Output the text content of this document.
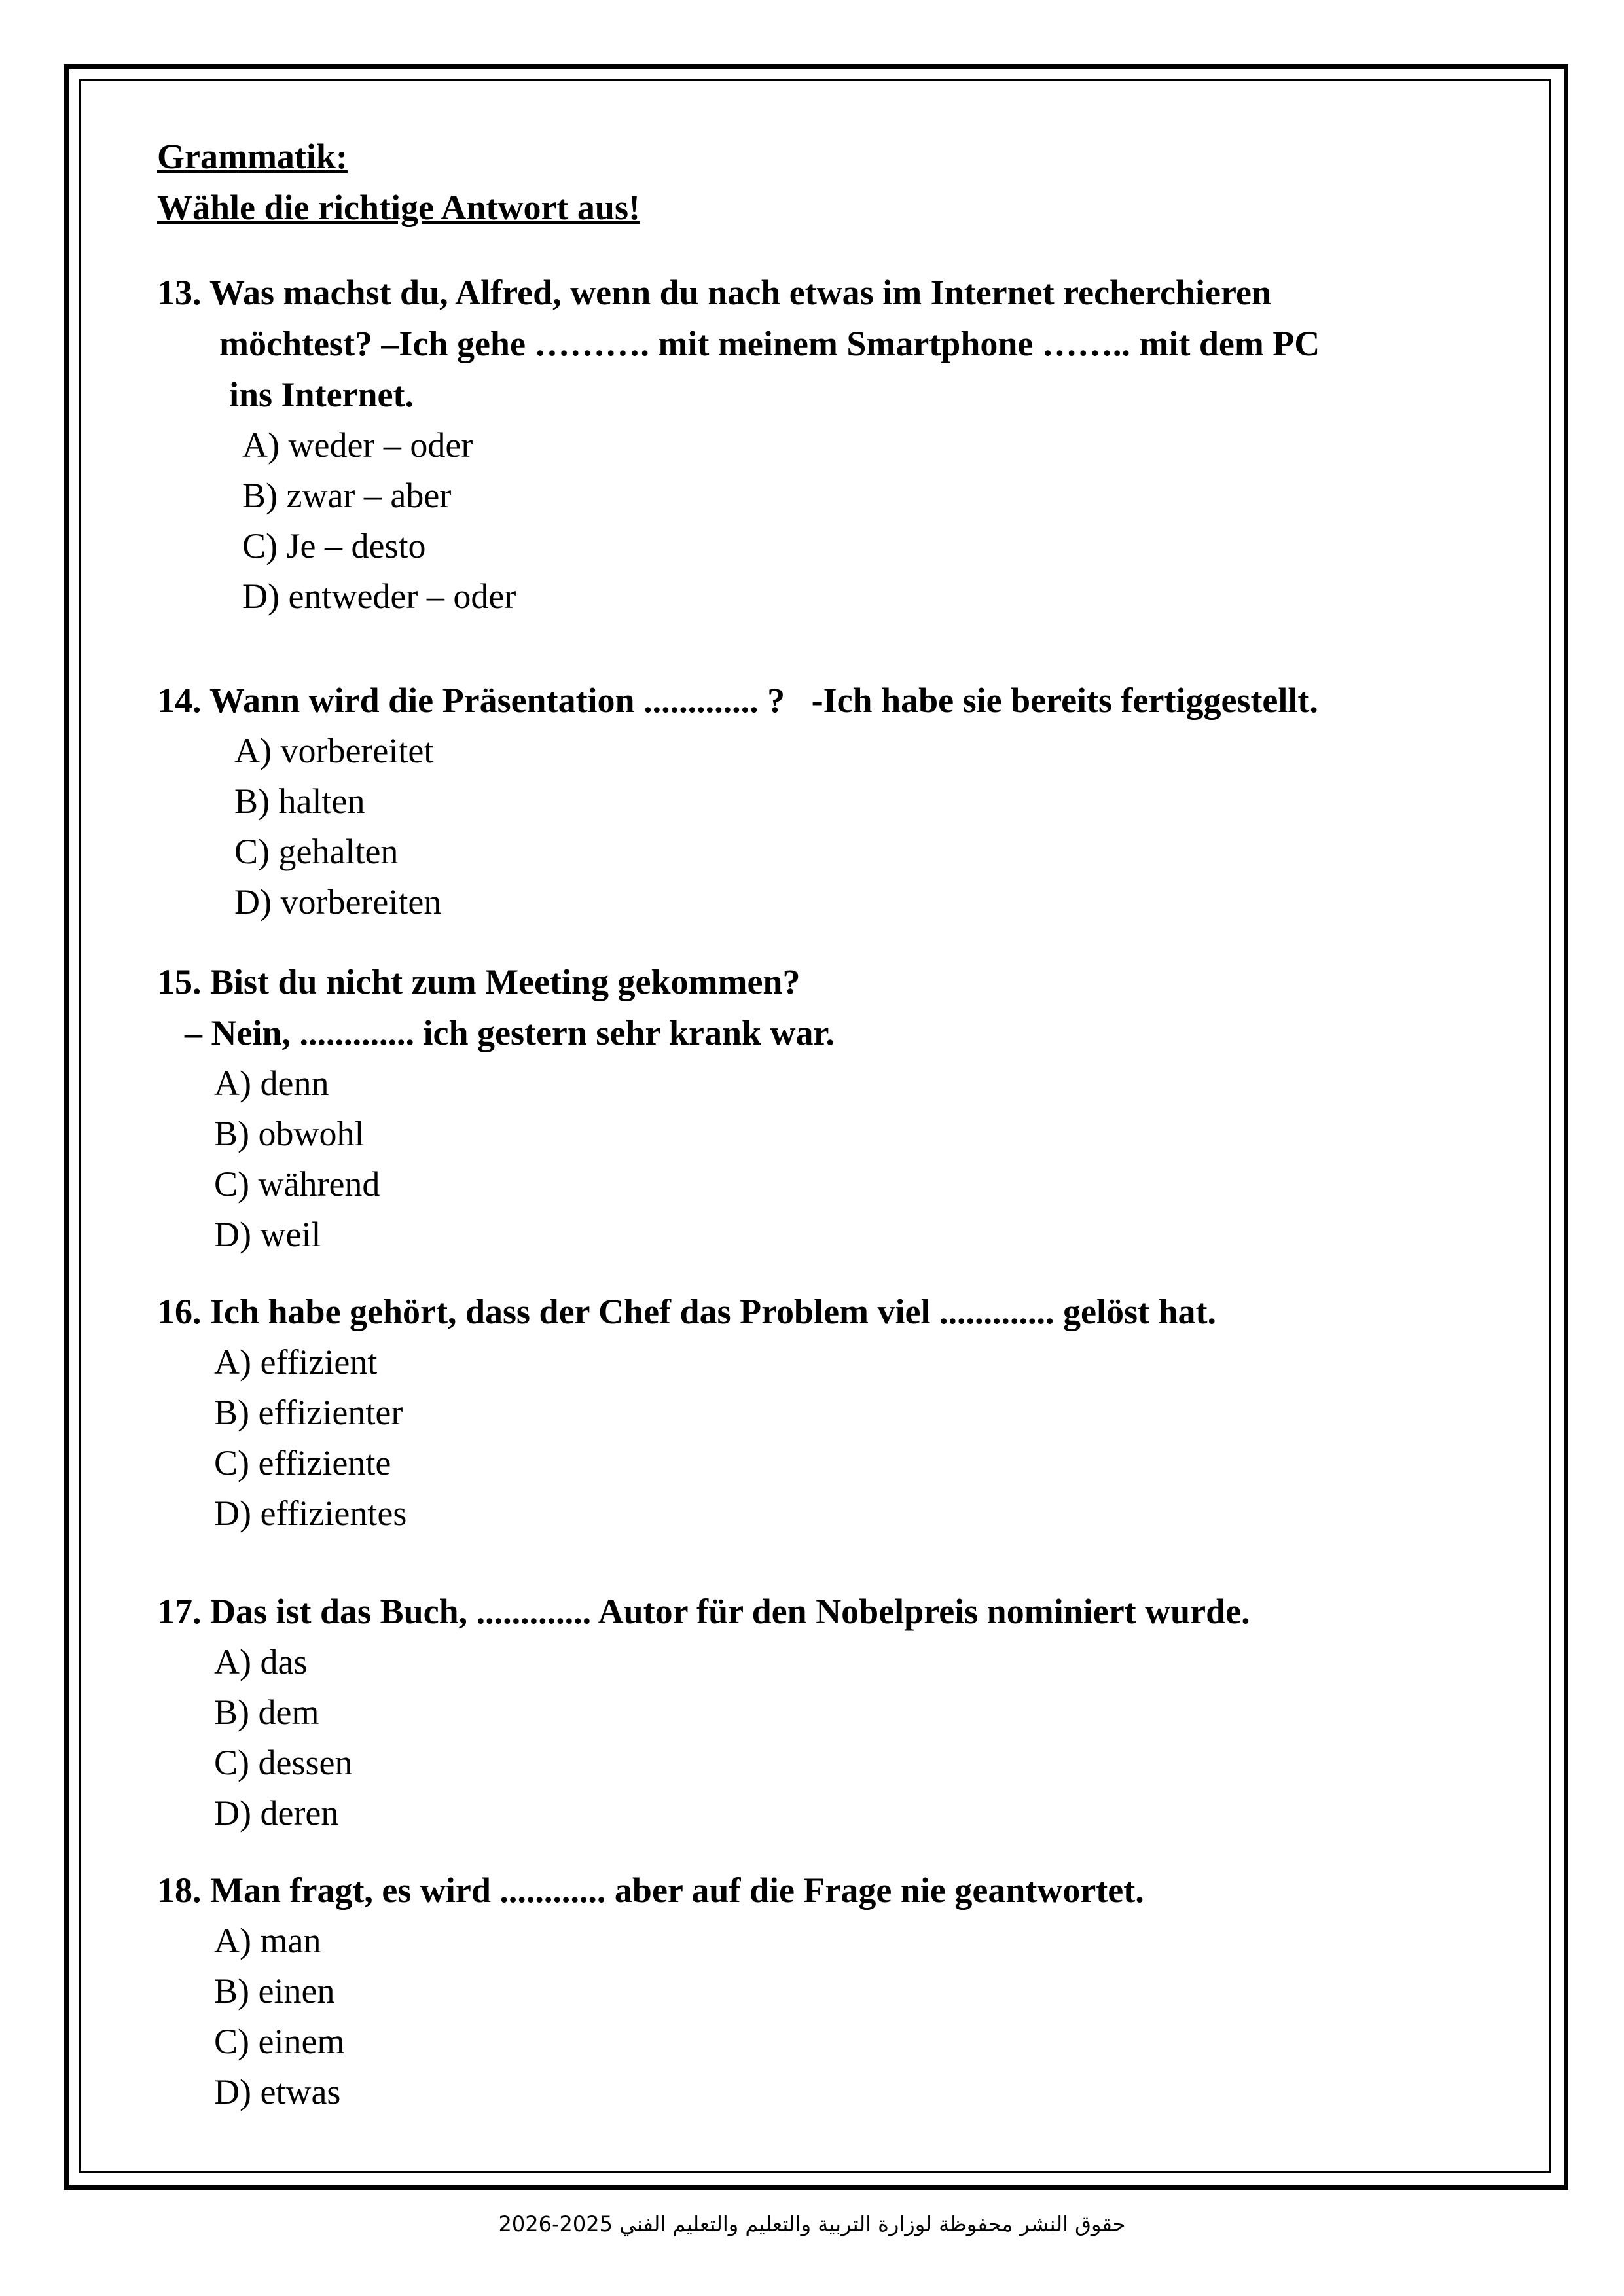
Grammatik:
Wähle die richtige Antwort aus!
13. Was machst du, Alfred, wenn du nach etwas im Internet recherchieren
möchtest? –Ich gehe ………. mit meinem Smartphone …….. mit dem PC
ins Internet.
A) weder – oder
B) zwar – aber
C) Je – desto
D) entweder – oder
14. Wann wird die Präsentation ............. ?   -Ich habe sie bereits fertiggestellt.
A) vorbereitet
B) halten
C) gehalten
D) vorbereiten
15. Bist du nicht zum Meeting gekommen?
– Nein, ............. ich gestern sehr krank war.
A) denn
B) obwohl
C) während
D) weil
16. Ich habe gehört, dass der Chef das Problem viel ............. gelöst hat.
A) effizient
B) effizienter
C) effiziente
D) effizientes
17. Das ist das Buch, ............. Autor für den Nobelpreis nominiert wurde.
A) das
B) dem
C) dessen
D) deren
18. Man fragt, es wird ............ aber auf die Frage nie geantwortet.
A) man
B) einen
C) einem
D) etwas
حقوق النشر محفوظة لوزارة التربية والتعليم والتعليم الفني 2025-2026
